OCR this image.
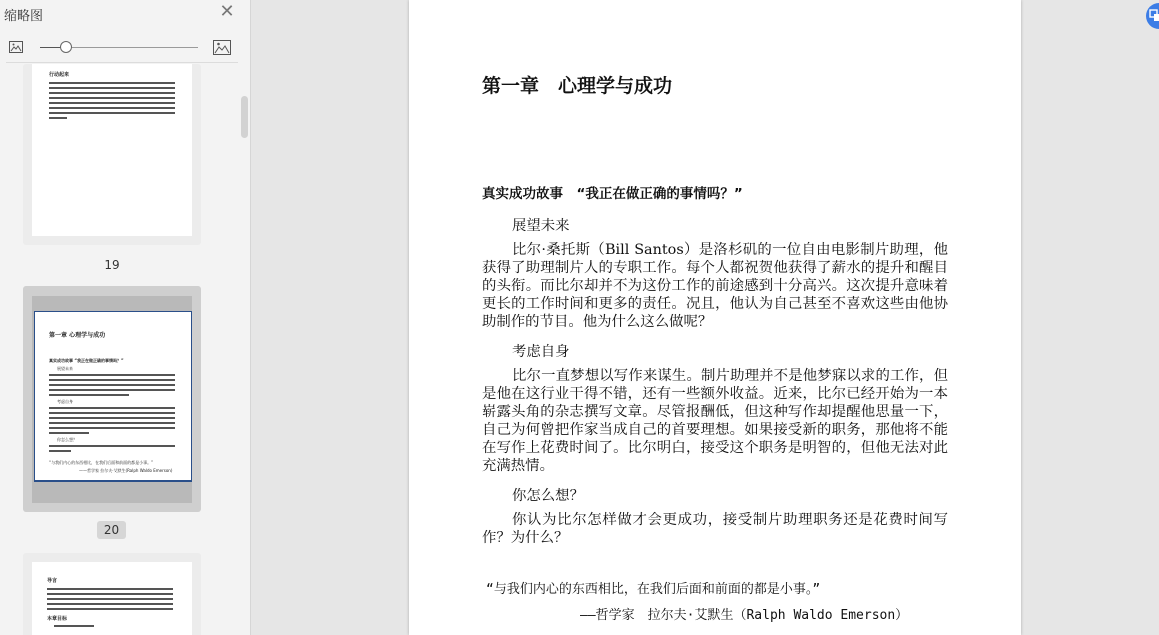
缩略图	✕
行动起来
19
第一章 心理学与成功
真实成功故事 “我正在做正确的事情吗？”
展望未来
考虑自身
你怎么想？
“与我们内心的东西相比，在我们后面和前面的都是小事。”
——哲学家 拉尔夫·艾默生(Ralph Waldo Emerson)
20
导言
本章目标
第一章　心理学与成功
真实成功故事　“我正在做正确的事情吗？”
展望未来

比尔·桑托斯（Bill Santos）是洛杉矶的一位自由电影制片助理，他获得了助理制片人的专职工作。每个人都祝贺他获得了薪水的提升和醒目的头衔。而比尔却并不为这份工作的前途感到十分高兴。这次提升意味着更长的工作时间和更多的责任。况且，他认为自己甚至不喜欢这些由他协助制作的节目。他为什么这么做呢？

考虑自身

比尔一直梦想以写作来谋生。制片助理并不是他梦寐以求的工作，但是他在这行业干得不错，还有一些额外收益。近来，比尔已经开始为一本崭露头角的杂志撰写文章。尽管报酬低，但这种写作却提醒他思量一下，自己为何曾把作家当成自己的首要理想。如果接受新的职务，那他将不能在写作上花费时间了。比尔明白，接受这个职务是明智的，但他无法对此充满热情。

你怎么想？

你认为比尔怎样做才会更成功，接受制片助理职务还是花费时间写作？为什么？

“与我们内心的东西相比，在我们后面和前面的都是小事。”
——哲学家　拉尔夫·艾默生（Ralph Waldo Emerson）
